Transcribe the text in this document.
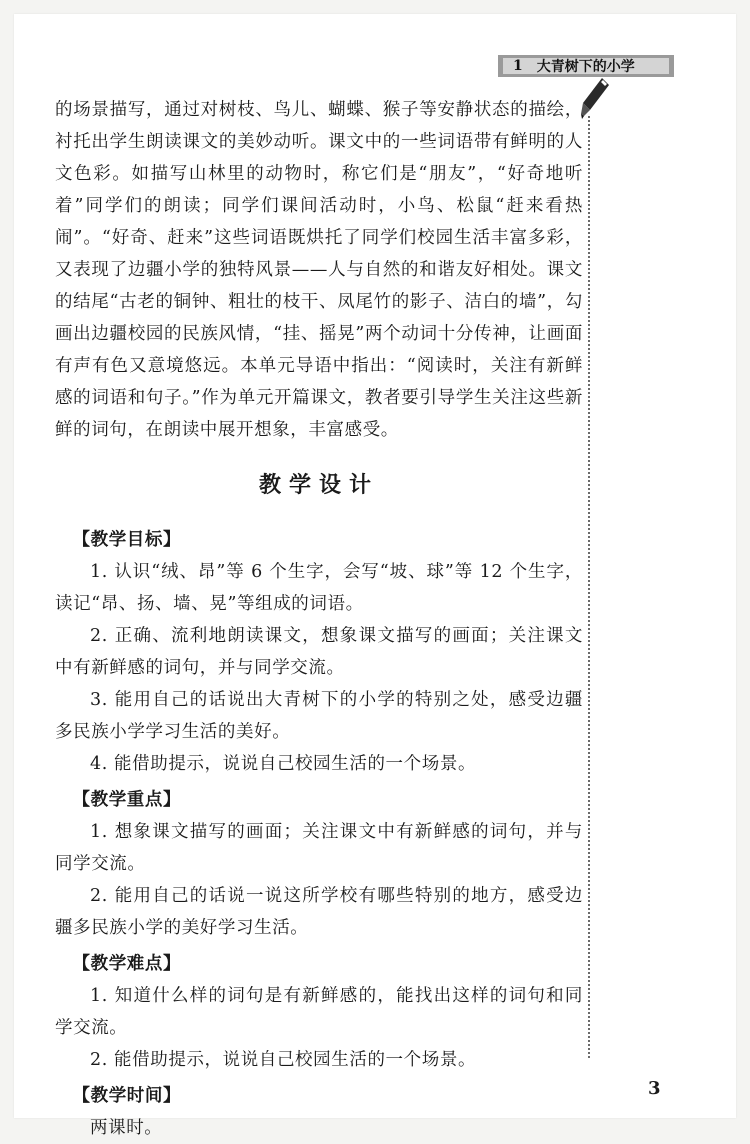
1 大青树下的小学

的场景描写，通过对树枝、鸟儿、蝴蝶、猴子等安静状态的描绘，衬托出学生朗读课文的美妙动听。课文中的一些词语带有鲜明的人文色彩。如描写山林里的动物时，称它们是“朋友”，“好奇地听着”同学们的朗读；同学们课间活动时，小鸟、松鼠“赶来看热闹”。“好奇、赶来”这些词语既烘托了同学们校园生活丰富多彩，又表现了边疆小学的独特风景——人与自然的和谐友好相处。课文的结尾“古老的铜钟、粗壮的枝干、凤尾竹的影子、洁白的墙”，勾画出边疆校园的民族风情，“挂、摇晃”两个动词十分传神，让画面有声有色又意境悠远。本单元导语中指出：“阅读时，关注有新鲜感的词语和句子。”作为单元开篇课文，教者要引导学生关注这些新鲜的词句，在朗读中展开想象，丰富感受。

教学设计

【教学目标】

1. 认识“绒、昂”等 6 个生字，会写“坡、球”等 12 个生字，读记“昂、扬、墙、晃”等组成的词语。

2. 正确、流利地朗读课文，想象课文描写的画面；关注课文中有新鲜感的词句，并与同学交流。

3. 能用自己的话说出大青树下的小学的特别之处，感受边疆多民族小学学习生活的美好。

4. 能借助提示，说说自己校园生活的一个场景。

【教学重点】

1. 想象课文描写的画面；关注课文中有新鲜感的词句，并与同学交流。

2. 能用自己的话说一说这所学校有哪些特别的地方，感受边疆多民族小学的美好学习生活。

【教学难点】

1. 知道什么样的词句是有新鲜感的，能找出这样的词句和同学交流。

2. 能借助提示，说说自己校园生活的一个场景。

【教学时间】

两课时。

3
